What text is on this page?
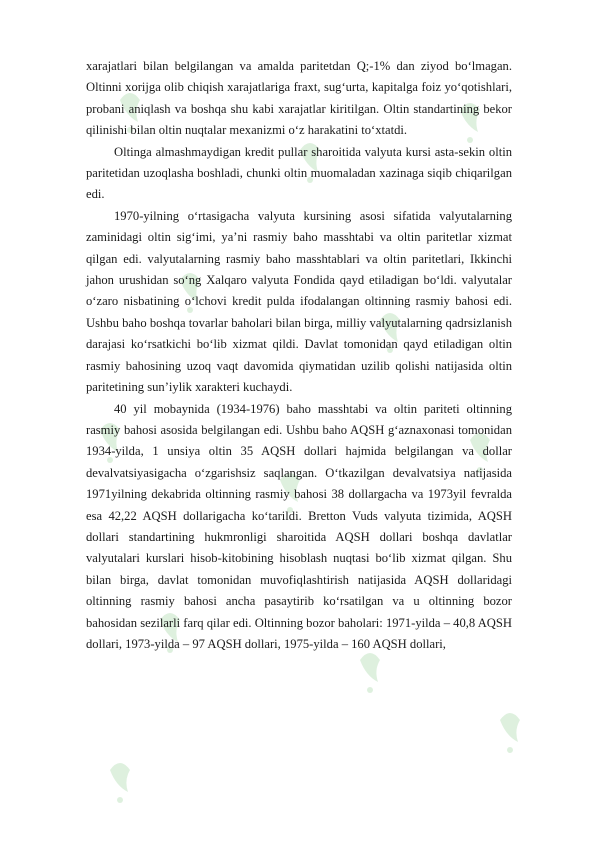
xarajatlari bilan belgilangan va amalda paritetdan Q;-1% dan ziyod bo‘lmagan. Oltinni xorijga olib chiqish xarajatlariga fraxt, sug‘urta, kapitalga foiz yo‘qotishlari, probani aniqlash va boshqa shu kabi xarajatlar kiritilgan. Oltin standartining bekor qilinishi bilan oltin nuqtalar mexanizmi o‘z harakatini to‘xtatdi.

Oltinga almashmaydigan kredit pullar sharoitida valyuta kursi asta-sekin oltin paritetidan uzoqlasha boshladi, chunki oltin muomaladan xazinaga siqib chiqarilgan edi.

1970-yilning o‘rtasigacha valyuta kursining asosi sifatida valyutalarning zaminidagi oltin sig‘imi, ya’ni rasmiy baho masshtabi va oltin paritetlar xizmat qilgan edi. valyutalarning rasmiy baho masshtablari va oltin paritetlari, Ikkinchi jahon urushidan so‘ng Xalqaro valyuta Fondida qayd etiladigan bo‘ldi. valyutalar o‘zaro nisbatining o‘lchovi kredit pulda ifodalangan oltinning rasmiy bahosi edi. Ushbu baho boshqa tovarlar baholari bilan birga, milliy valyutalarning qadrsizlanish darajasi ko‘rsatkichi bo‘lib xizmat qildi. Davlat tomonidan qayd etiladigan oltin rasmiy bahosining uzoq vaqt davomida qiymatidan uzilib qolishi natijasida oltin paritetining sun’iylik xarakteri kuchaydi.

40 yil mobaynida (1934-1976) baho masshtabi va oltin pariteti oltinning rasmiy bahosi asosida belgilangan edi. Ushbu baho AQSH g‘aznaxonasi tomonidan 1934-yilda, 1 unsiya oltin 35 AQSH dollari hajmida belgilangan va dollar devalvatsiyasigacha o‘zgarishsiz saqlangan. O‘tkazilgan devalvatsiya natijasida 1971yilning dekabrida oltinning rasmiy bahosi 38 dollargacha va 1973yil fevralda esa 42,22 AQSH dollarigacha ko‘tarildi. Bretton Vuds valyuta tizimida, AQSH dollari standartining hukmronligi sharoitida AQSH dollari boshqa davlatlar valyutalari kurslari hisob-kitobining hisoblash nuqtasi bo‘lib xizmat qilgan. Shu bilan birga, davlat tomonidan muvofiqlashtirish natijasida AQSH dollaridagi oltinning rasmiy bahosi ancha pasaytirib ko‘rsatilgan va u oltinning bozor bahosidan sezilarli farq qilar edi. Oltinning bozor baholari: 1971-yilda – 40,8 AQSH dollari, 1973-yilda – 97 AQSH dollari, 1975-yilda – 160 AQSH dollari,
